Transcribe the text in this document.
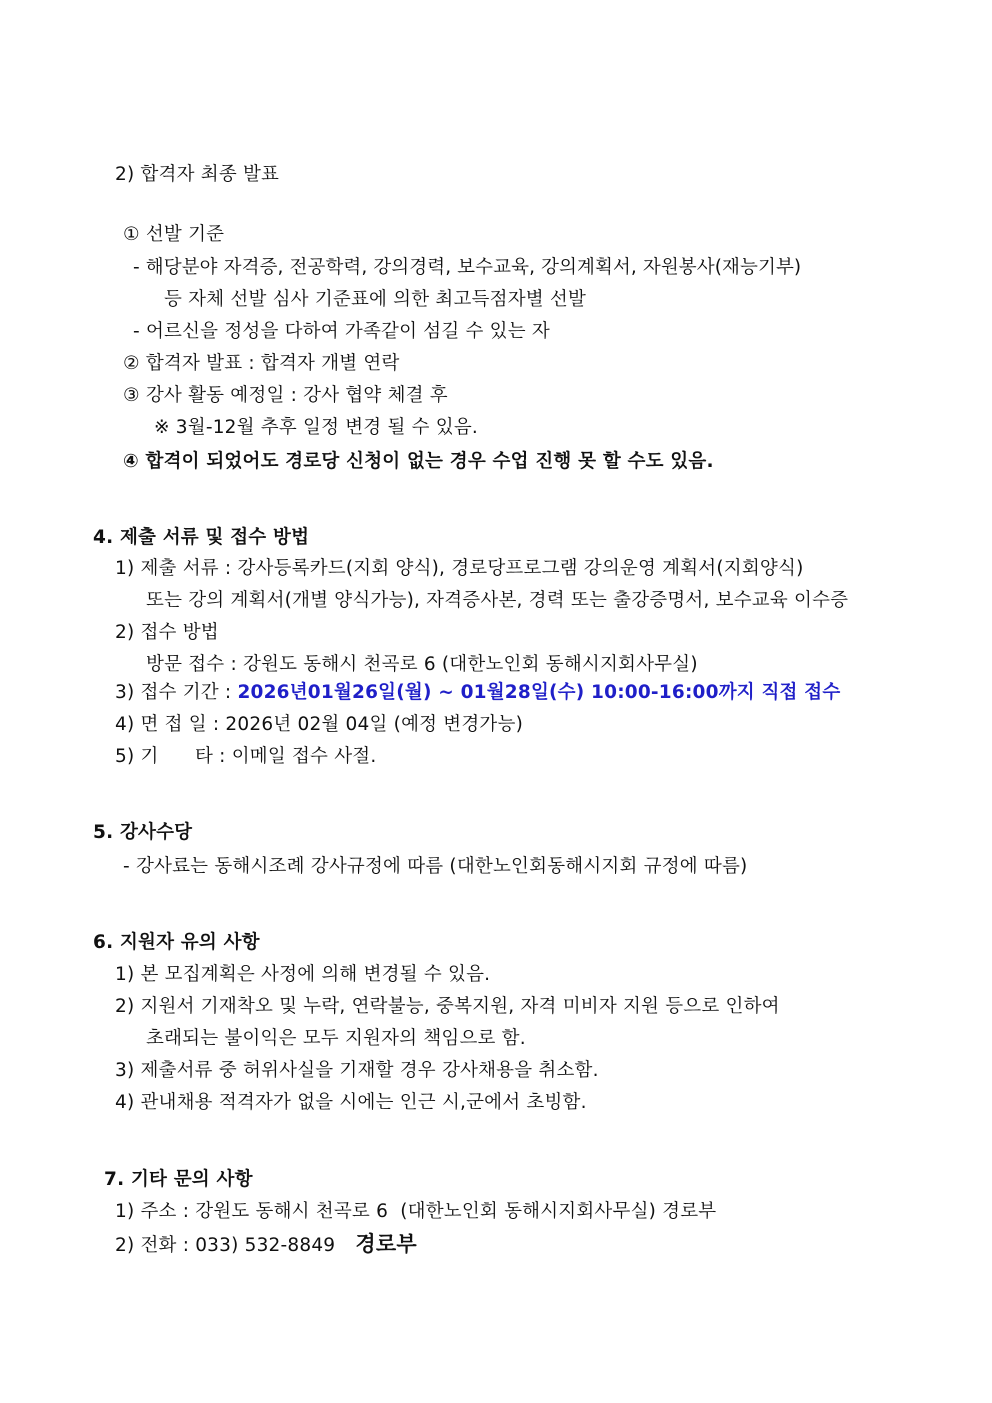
2) 합격자 최종 발표
① 선발 기준
- 해당분야 자격증, 전공학력, 강의경력, 보수교육, 강의계획서, 자원봉사(재능기부)
등 자체 선발 심사 기준표에 의한 최고득점자별 선발
- 어르신을 정성을 다하여 가족같이 섬길 수 있는 자
② 합격자 발표 : 합격자 개별 연락
③ 강사 활동 예정일 : 강사 협약 체결 후
※ 3월-12월 추후 일정 변경 될 수 있음.
④ 합격이 되었어도 경로당 신청이 없는 경우 수업 진행 못 할 수도 있음.
4. 제출 서류 및 접수 방법
1) 제출 서류 : 강사등록카드(지회 양식), 경로당프로그램 강의운영 계획서(지회양식)
또는 강의 계획서(개별 양식가능), 자격증사본, 경력 또는 출강증명서, 보수교육 이수증
2) 접수 방법
방문 접수 : 강원도 동해시 천곡로 6 (대한노인회 동해시지회사무실)
3) 접수 기간 : 2026년01월26일(월) ~ 01월28일(수) 10:00-16:00까지 직접 접수
4) 면 접 일 : 2026년 02월 04일 (예정 변경가능)
5) 기      타 : 이메일 접수 사절.
5. 강사수당
- 강사료는 동해시조례 강사규정에 따름 (대한노인회동해시지회 규정에 따름)
6. 지원자 유의 사항
1) 본 모집계획은 사정에 의해 변경될 수 있음.
2) 지원서 기재착오 및 누락, 연락불능, 중복지원, 자격 미비자 지원 등으로 인하여
초래되는 불이익은 모두 지원자의 책임으로 함.
3) 제출서류 중 허위사실을 기재할 경우 강사채용을 취소함.
4) 관내채용 적격자가 없을 시에는 인근 시,군에서 초빙함.
7. 기타 문의 사항
1) 주소 : 강원도 동해시 천곡로 6  (대한노인회 동해시지회사무실) 경로부
2) 전화 : 033) 532-8849 경로부
